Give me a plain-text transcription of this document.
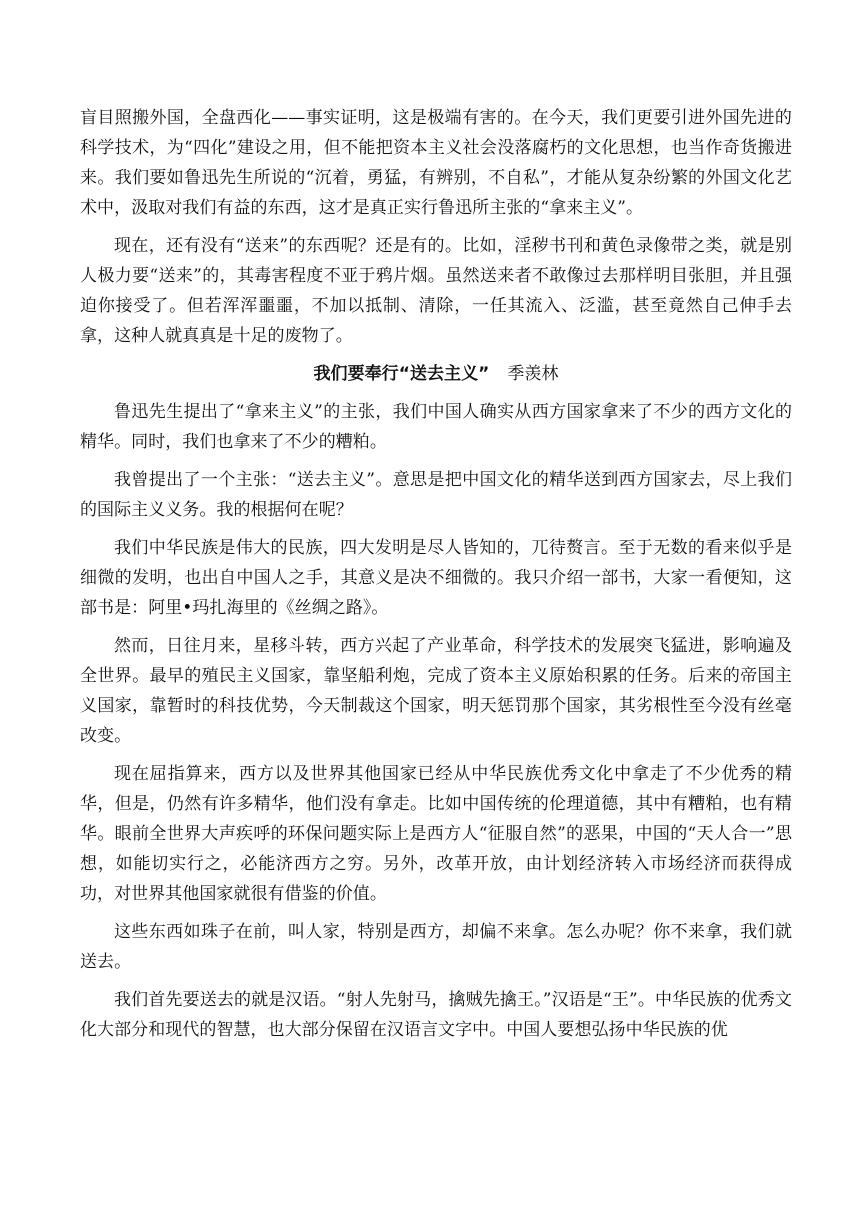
盲目照搬外国，全盘西化——事实证明，这是极端有害的。在今天，我们更要引进外国先进的科学技术，为“四化”建设之用，但不能把资本主义社会没落腐朽的文化思想，也当作奇货搬进来。我们要如鲁迅先生所说的“沉着，勇猛，有辨别，不自私”，才能从复杂纷繁的外国文化艺术中，汲取对我们有益的东西，这才是真正实行鲁迅所主张的“拿来主义”。

现在，还有没有“送来”的东西呢？还是有的。比如，淫秽书刊和黄色录像带之类，就是别人极力要“送来”的，其毒害程度不亚于鸦片烟。虽然送来者不敢像过去那样明目张胆，并且强迫你接受了。但若浑浑噩噩，不加以抵制、清除，一任其流入、泛滥，甚至竟然自己伸手去拿，这种人就真真是十足的废物了。

我们要奉行“送去主义” 季羡林

鲁迅先生提出了“拿来主义”的主张，我们中国人确实从西方国家拿来了不少的西方文化的精华。同时，我们也拿来了不少的糟粕。

我曾提出了一个主张：“送去主义”。意思是把中国文化的精华送到西方国家去，尽上我们的国际主义义务。我的根据何在呢？

我们中华民族是伟大的民族，四大发明是尽人皆知的，兀待赘言。至于无数的看来似乎是细微的发明，也出自中国人之手，其意义是决不细微的。我只介绍一部书，大家一看便知，这部书是：阿里•玛扎海里的《丝绸之路》。

然而，日往月来，星移斗转，西方兴起了产业革命，科学技术的发展突飞猛进，影响遍及全世界。最早的殖民主义国家，靠坚船利炮，完成了资本主义原始积累的任务。后来的帝国主义国家，靠暂时的科技优势，今天制裁这个国家，明天惩罚那个国家，其劣根性至今没有丝毫改变。

现在屈指算来，西方以及世界其他国家已经从中华民族优秀文化中拿走了不少优秀的精华，但是，仍然有许多精华，他们没有拿走。比如中国传统的伦理道德，其中有糟粕，也有精华。眼前全世界大声疾呼的环保问题实际上是西方人“征服自然”的恶果，中国的“天人合一”思想，如能切实行之，必能济西方之穷。另外，改革开放，由计划经济转入市场经济而获得成功，对世界其他国家就很有借鉴的价值。

这些东西如珠子在前，叫人家，特别是西方，却偏不来拿。怎么办呢？你不来拿，我们就送去。

我们首先要送去的就是汉语。“射人先射马，擒贼先擒王。”汉语是“王”。中华民族的优秀文化大部分和现代的智慧，也大部分保留在汉语言文字中。中国人要想弘扬中华民族的优
